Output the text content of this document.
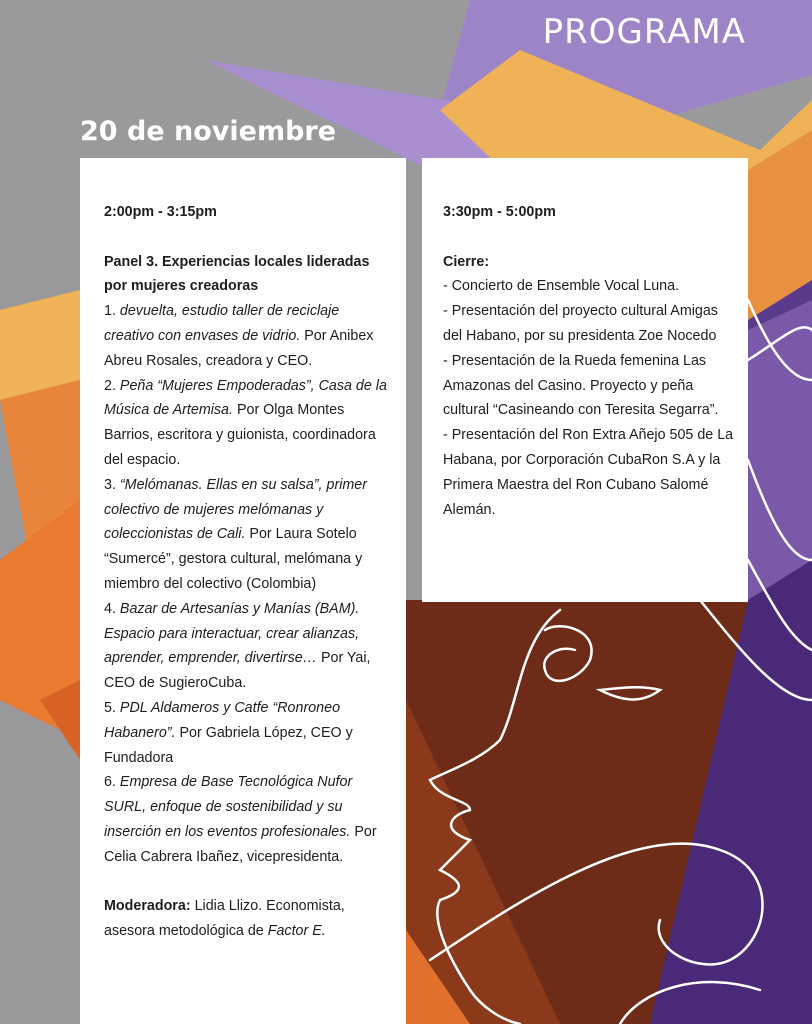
PROGRAMA
20 de noviembre
2:00pm - 3:15pm
Panel 3. Experiencias locales lideradas por mujeres creadoras
1. devuelta, estudio taller de reciclaje creativo con envases de vidrio. Por Anibex Abreu Rosales, creadora y CEO.
2. Peña “Mujeres Empoderadas”, Casa de la Música de Artemisa. Por Olga Montes Barrios, escritora y guionista, coordinadora del espacio.
3. “Melómanas. Ellas en su salsa”, primer colectivo de mujeres melómanas y coleccionistas de Cali. Por Laura Sotelo “Sumercé”, gestora cultural, melómana y miembro del colectivo (Colombia)
4. Bazar de Artesanías y Manías (BAM). Espacio para interactuar, crear alianzas, aprender, emprender, divertirse… Por Yai, CEO de SugieroCuba.
5. PDL Aldameros y Catfe “Ronroneo Habanero”. Por Gabriela López, CEO y Fundadora
6. Empresa de Base Tecnológica Nufor SURL, enfoque de sostenibilidad y su inserción en los eventos profesionales. Por Celia Cabrera Ibañez, vicepresidenta.
Moderadora: Lidia Llizo. Economista, asesora metodológica de Factor E.
3:30pm - 5:00pm
Cierre:
- Concierto de Ensemble Vocal Luna.
- Presentación del proyecto cultural Amigas del Habano, por su presidenta Zoe Nocedo
- Presentación de la Rueda femenina Las Amazonas del Casino. Proyecto y peña cultural “Casineando con Teresita Segarra”.
- Presentación del Ron Extra Añejo 505 de La Habana, por Corporación CubaRon S.A y la Primera Maestra del Ron Cubano Salomé Alemán.
